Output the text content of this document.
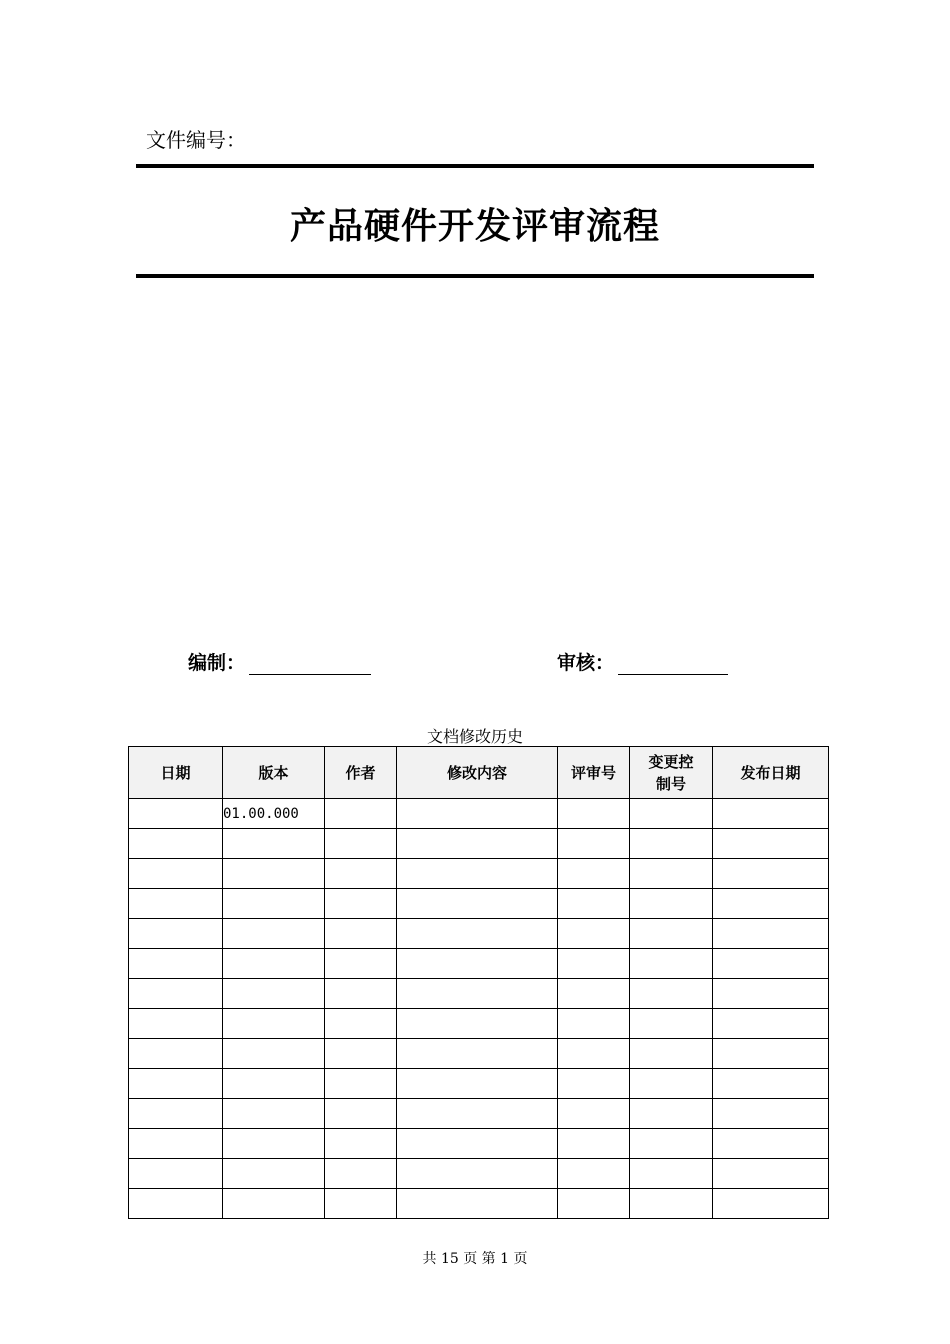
文件编号：
产品硬件开发评审流程
编制：	审核：
文档修改历史
日期	版本	作者	修改内容	评审号	变更控制号	发布日期
	01.00.000					

共 15 页 第 1 页
